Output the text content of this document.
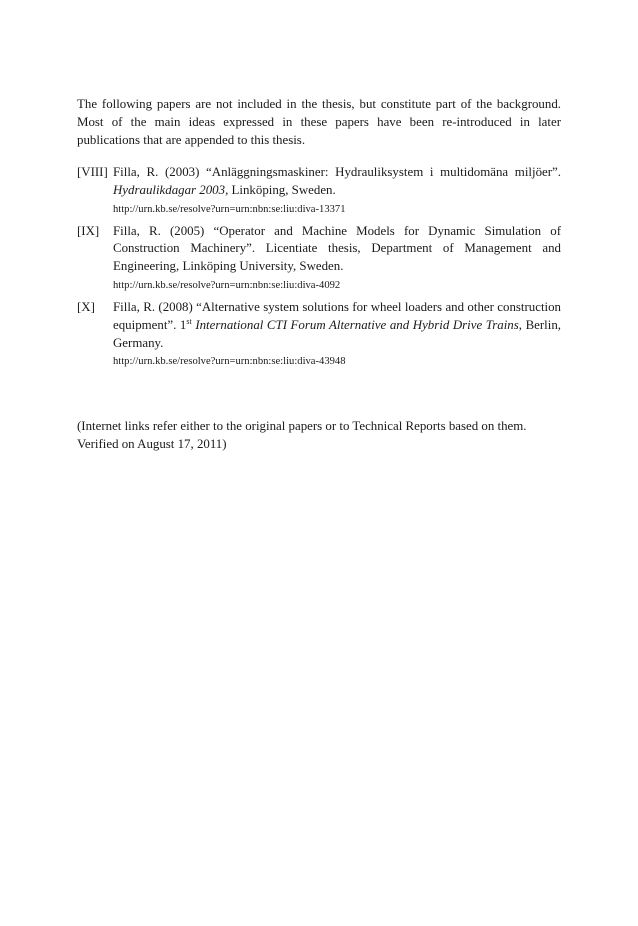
The following papers are not included in the thesis, but constitute part of the background. Most of the main ideas expressed in these papers have been re-introduced in later publications that are appended to this thesis.

[VIII] Filla, R. (2003) “Anläggningsmaskiner: Hydrauliksystem i multidomäna miljöer”. Hydraulikdagar 2003, Linköping, Sweden.
http://urn.kb.se/resolve?urn=urn:nbn:se:liu:diva-13371
[IX] Filla, R. (2005) “Operator and Machine Models for Dynamic Simulation of Construction Machinery”. Licentiate thesis, Department of Management and Engineering, Linköping University, Sweden.
http://urn.kb.se/resolve?urn=urn:nbn:se:liu:diva-4092
[X] Filla, R. (2008) “Alternative system solutions for wheel loaders and other construction equipment”. 1st International CTI Forum Alternative and Hybrid Drive Trains, Berlin, Germany.
http://urn.kb.se/resolve?urn=urn:nbn:se:liu:diva-43948
(Internet links refer either to the original papers or to Technical Reports based on them.
Verified on August 17, 2011)
